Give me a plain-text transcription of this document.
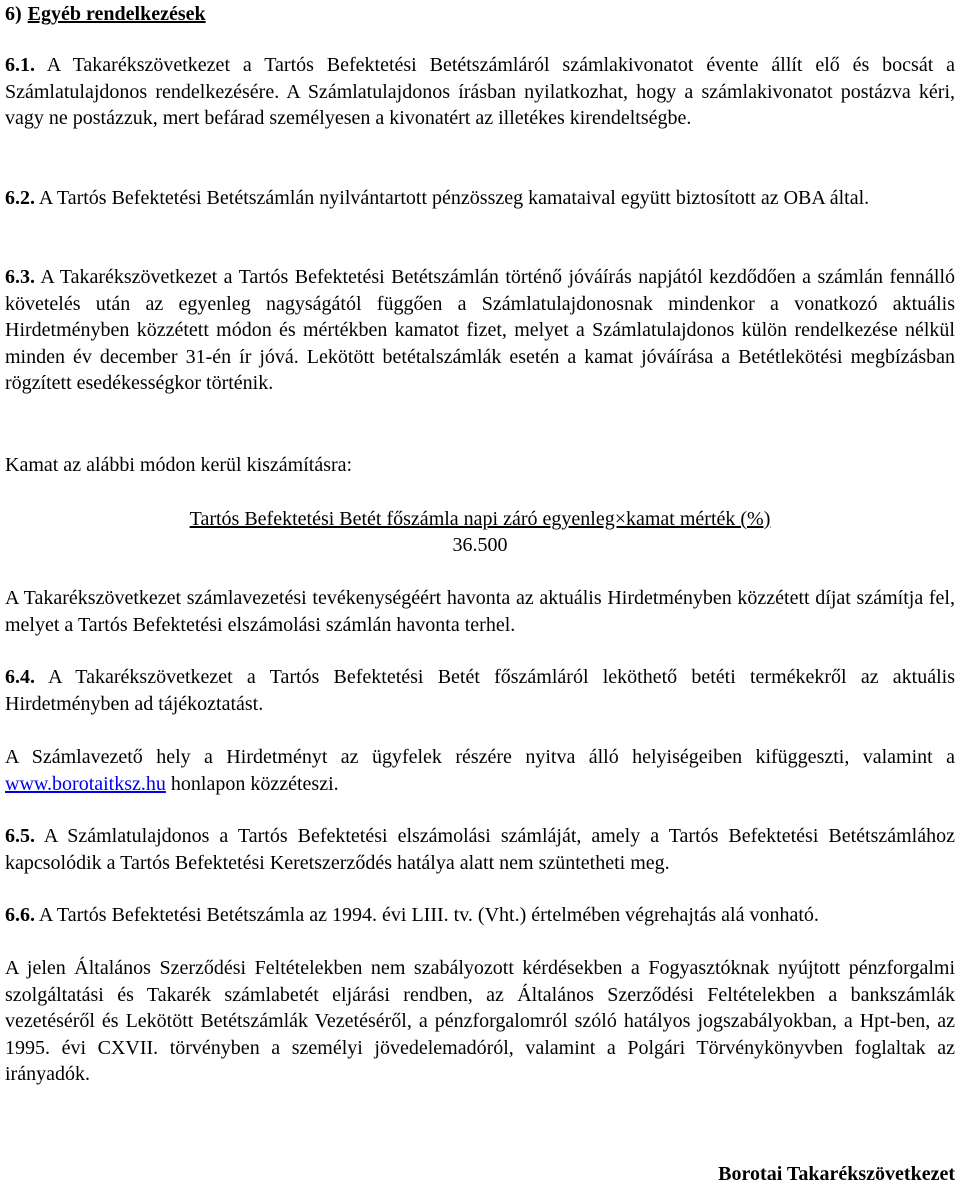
6) Egyéb rendelkezések

6.1. A Takarékszövetkezet a Tartós Befektetési Betétszámláról számlakivonatot évente állít elő és bocsát a Számlatulajdonos rendelkezésére. A Számlatulajdonos írásban nyilatkozhat, hogy a számlakivonatot postázva kéri, vagy ne postázzuk, mert befárad személyesen a kivonatért az illetékes kirendeltségbe.

6.2. A Tartós Befektetési Betétszámlán nyilvántartott pénzösszeg kamataival együtt biztosított az OBA által.

6.3. A Takarékszövetkezet a Tartós Befektetési Betétszámlán történő jóváírás napjától kezdődően a számlán fennálló követelés után az egyenleg nagyságától függően a Számlatulajdonosnak mindenkor a vonatkozó aktuális Hirdetményben közzétett módon és mértékben kamatot fizet, melyet a Számlatulajdonos külön rendelkezése nélkül minden év december 31-én ír jóvá. Lekötött betétalszámlák esetén a kamat jóváírása a Betétlekötési megbízásban rögzített esedékességkor történik.

Kamat az alábbi módon kerül kiszámításra:

Tartós Befektetési Betét főszámla napi záró egyenleg×kamat mérték (%)
36.500

A Takarékszövetkezet számlavezetési tevékenységéért havonta az aktuális Hirdetményben közzétett díjat számítja fel, melyet a Tartós Befektetési elszámolási számlán havonta terhel.

6.4. A Takarékszövetkezet a Tartós Befektetési Betét főszámláról leköthető betéti termékekről az aktuális Hirdetményben ad tájékoztatást.

A Számlavezető hely a Hirdetményt az ügyfelek részére nyitva álló helyiségeiben kifüggeszti, valamint a www.borotaitksz.hu honlapon közzéteszi.

6.5. A Számlatulajdonos a Tartós Befektetési elszámolási számláját, amely a Tartós Befektetési Betétszámlához kapcsolódik a Tartós Befektetési Keretszerződés hatálya alatt nem szüntetheti meg.

6.6. A Tartós Befektetési Betétszámla az 1994. évi LIII. tv. (Vht.) értelmében végrehajtás alá vonható.

A jelen Általános Szerződési Feltételekben nem szabályozott kérdésekben a Fogyasztóknak nyújtott pénzforgalmi szolgáltatási és Takarék számlabetét eljárási rendben, az Általános Szerződési Feltételekben a bankszámlák vezetéséről és Lekötött Betétszámlák Vezetéséről, a pénzforgalomról szóló hatályos jogszabályokban, a Hpt-ben, az 1995. évi CXVII. törvényben a személyi jövedelemadóról, valamint a Polgári Törvénykönyvben foglaltak az irányadók.

Borotai Takarékszövetkezet
